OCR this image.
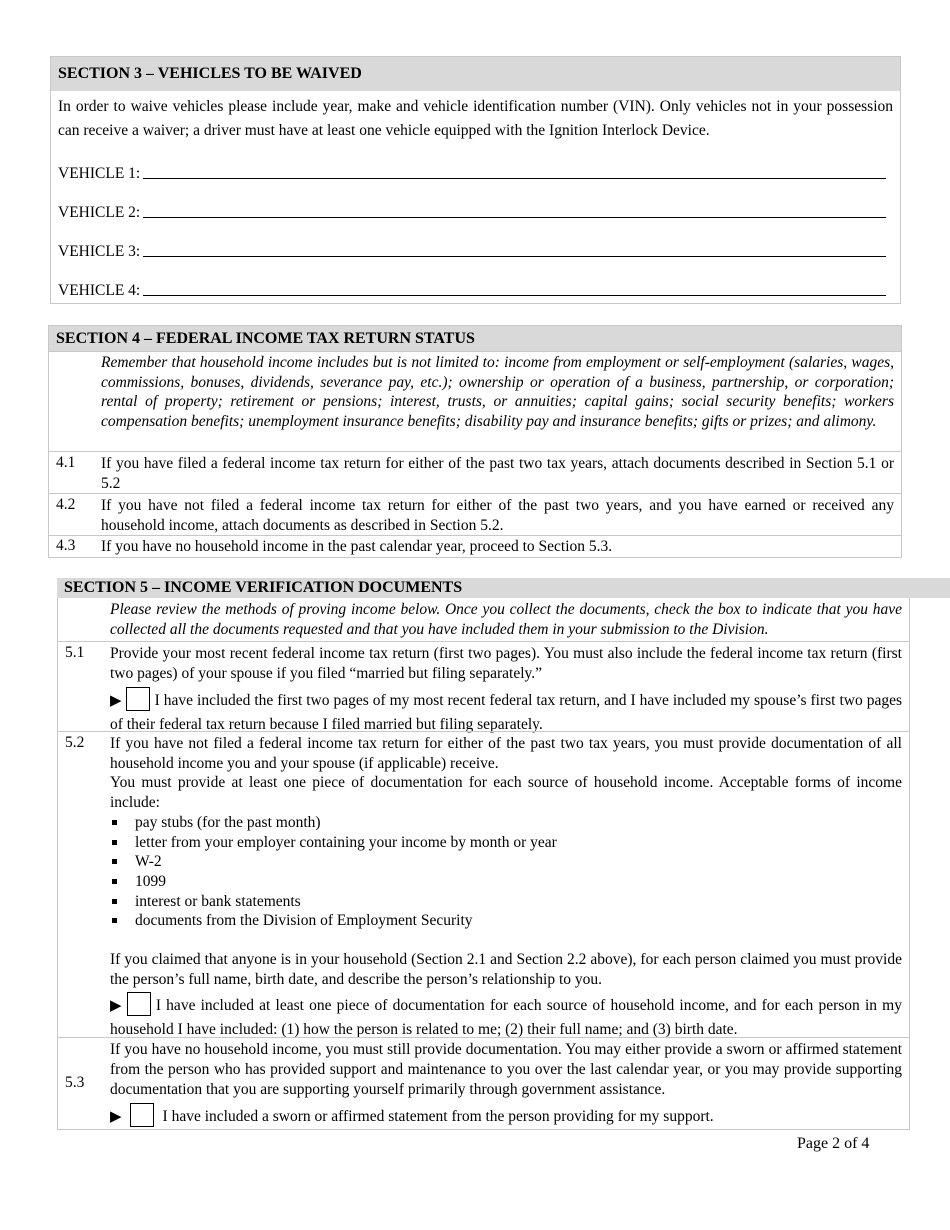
SECTION 3 – VEHICLES TO BE WAIVED
In order to waive vehicles please include year, make and vehicle identification number (VIN). Only vehicles not in your possession can receive a waiver; a driver must have at least one vehicle equipped with the Ignition Interlock Device.
VEHICLE 1:
VEHICLE 2:
VEHICLE 3:
VEHICLE 4:
SECTION 4 – FEDERAL INCOME TAX RETURN STATUS
Remember that household income includes but is not limited to: income from employment or self-employment (salaries, wages, commissions, bonuses, dividends, severance pay, etc.); ownership or operation of a business, partnership, or corporation; rental of property; retirement or pensions; interest, trusts, or annuities; capital gains; social security benefits; workers compensation benefits; unemployment insurance benefits; disability pay and insurance benefits; gifts or prizes; and alimony.
4.1 If you have filed a federal income tax return for either of the past two tax years, attach documents described in Section 5.1 or 5.2
4.2 If you have not filed a federal income tax return for either of the past two years, and you have earned or received any household income, attach documents as described in Section 5.2.
4.3 If you have no household income in the past calendar year, proceed to Section 5.3.
SECTION 5 – INCOME VERIFICATION DOCUMENTS
Please review the methods of proving income below. Once you collect the documents, check the box to indicate that you have collected all the documents requested and that you have included them in your submission to the Division.
5.1 Provide your most recent federal income tax return (first two pages). You must also include the federal income tax return (first two pages) of your spouse if you filed “married but filing separately.”
▶ I have included the first two pages of my most recent federal tax return, and I have included my spouse’s first two pages of their federal tax return because I filed married but filing separately.
5.2 If you have not filed a federal income tax return for either of the past two tax years, you must provide documentation of all household income you and your spouse (if applicable) receive.
You must provide at least one piece of documentation for each source of household income. Acceptable forms of income include:
pay stubs (for the past month)
letter from your employer containing your income by month or year
W-2
1099
interest or bank statements
documents from the Division of Employment Security
If you claimed that anyone is in your household (Section 2.1 and Section 2.2 above), for each person claimed you must provide the person’s full name, birth date, and describe the person’s relationship to you.
▶ I have included at least one piece of documentation for each source of household income, and for each person in my household I have included: (1) how the person is related to me; (2) their full name; and (3) birth date.
5.3
If you have no household income, you must still provide documentation. You may either provide a sworn or affirmed statement from the person who has provided support and maintenance to you over the last calendar year, or you may provide supporting documentation that you are supporting yourself primarily through government assistance.
▶	I have included a sworn or affirmed statement from the person providing for my support.
Page 2 of 4
